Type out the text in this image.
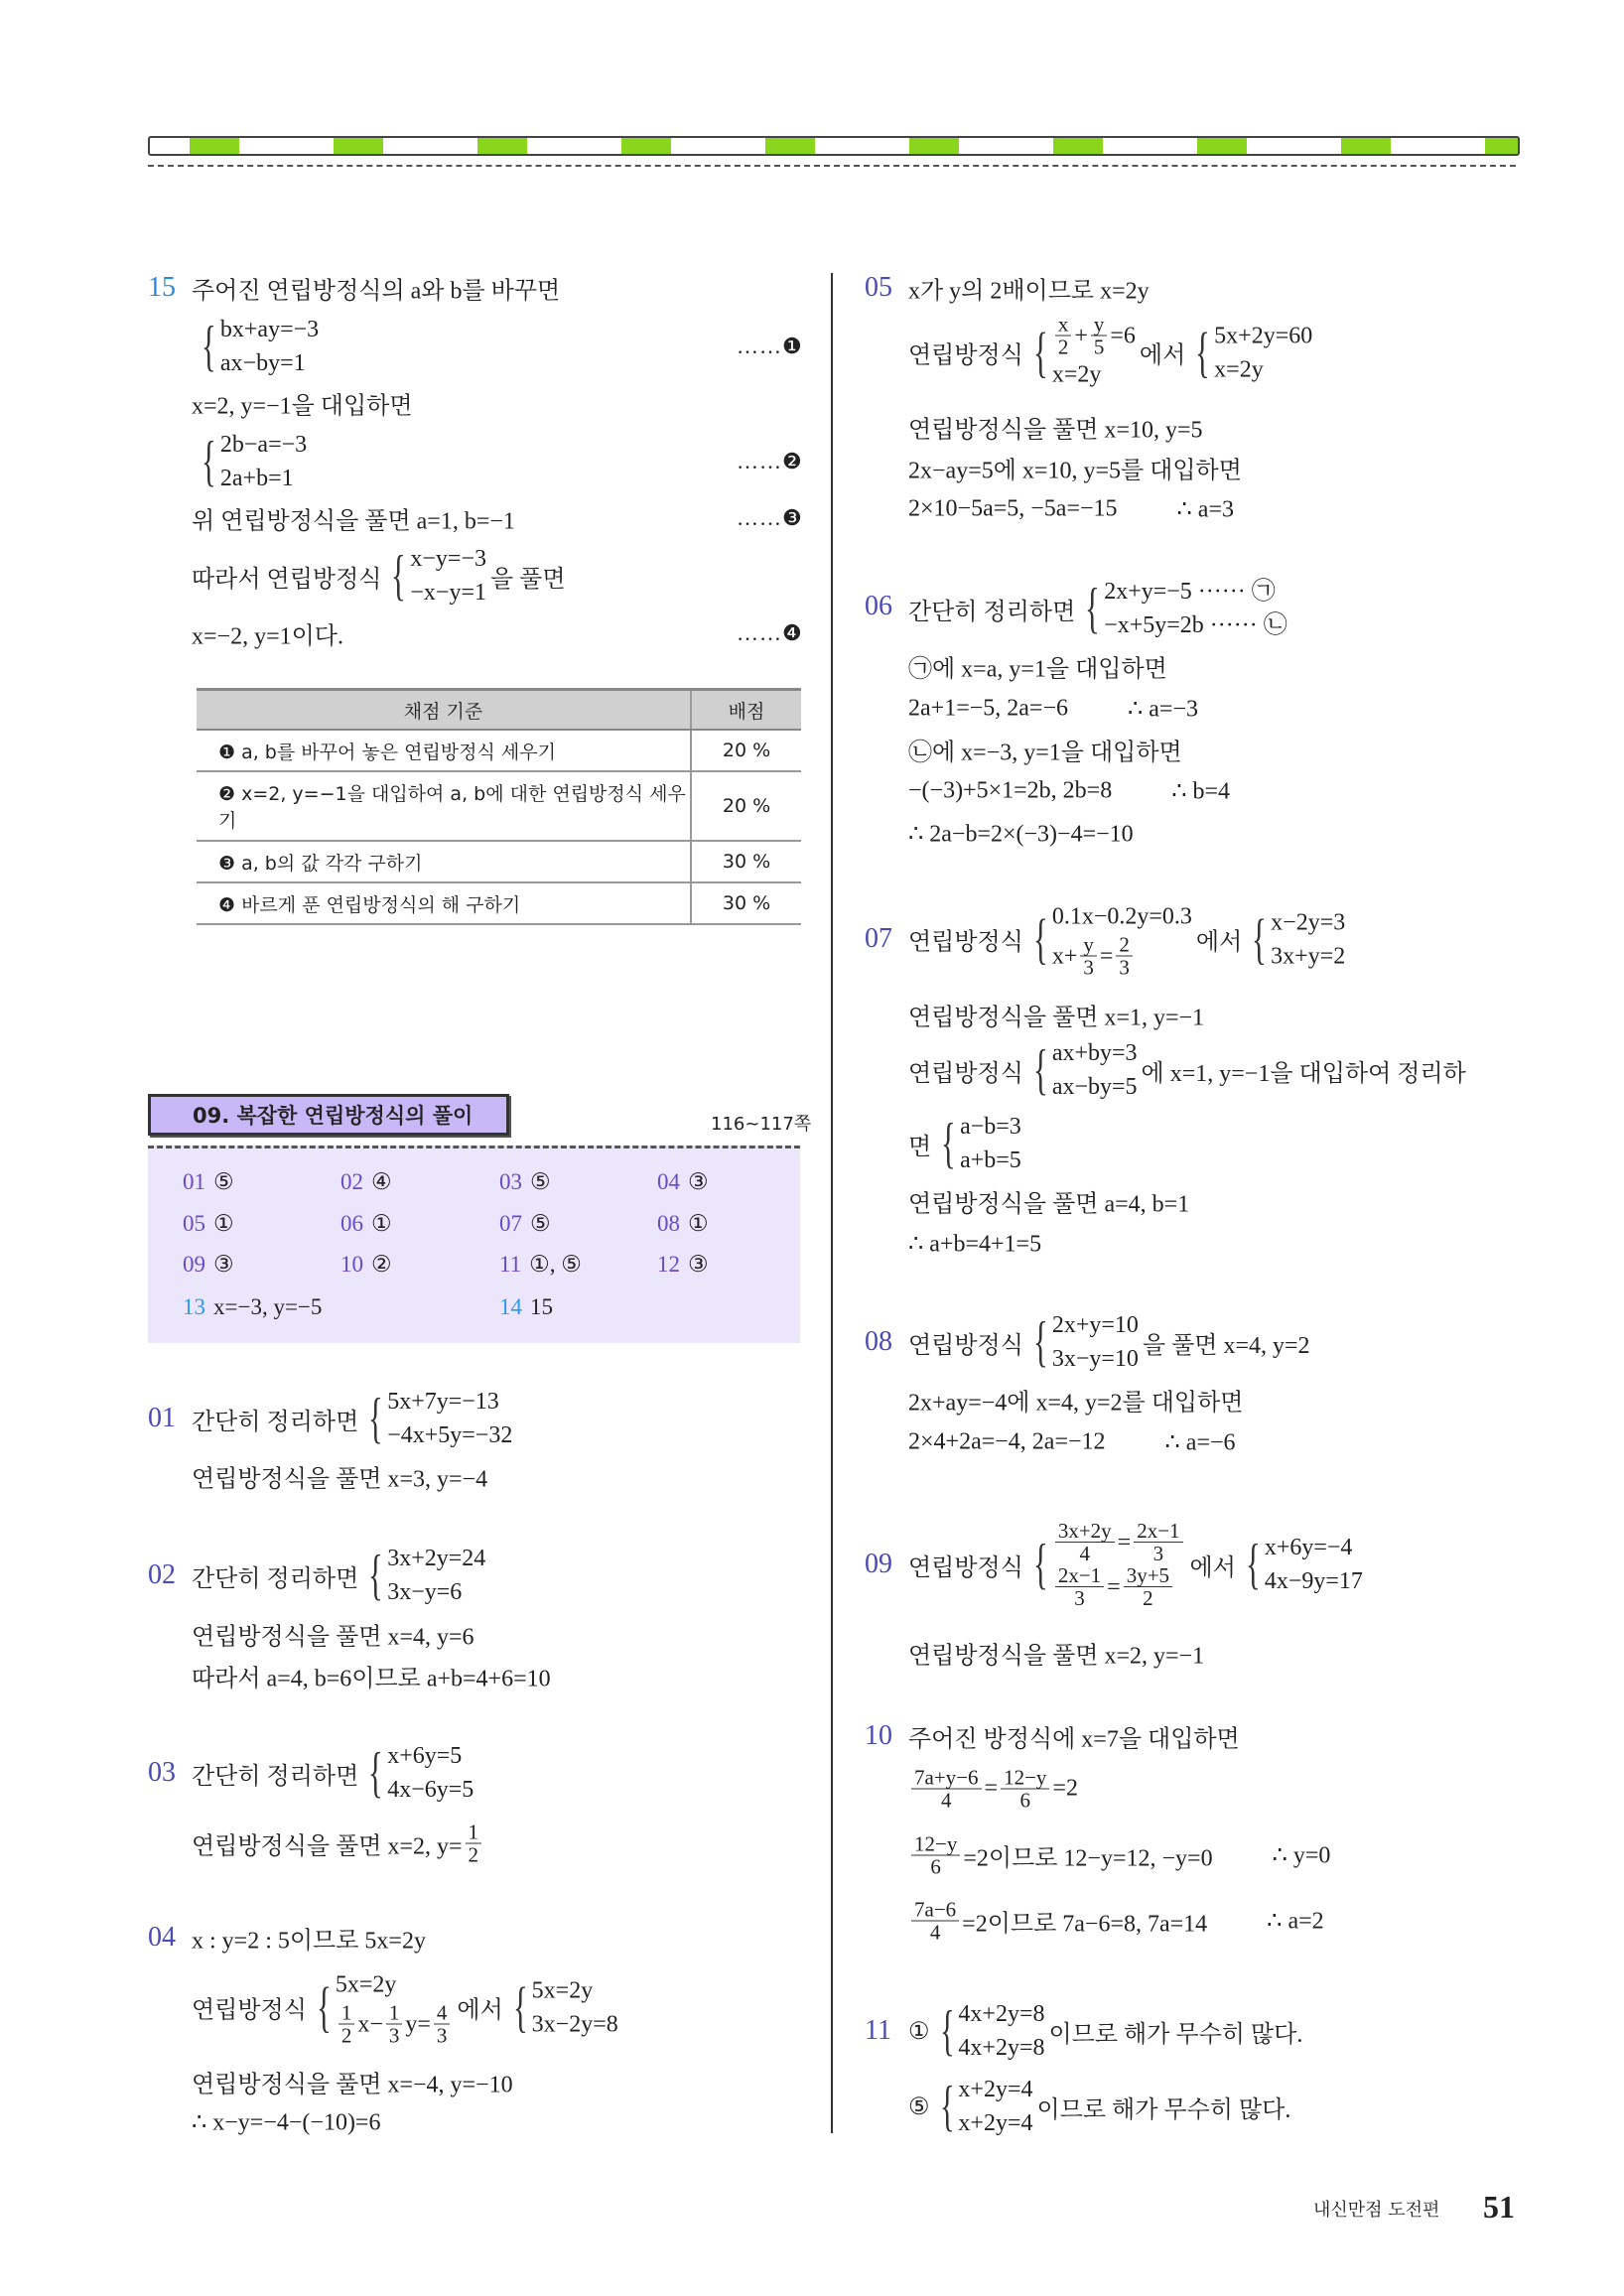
15 주어진 연립방정식의 a와 b를 바꾸면
{ bx+ay=−3
ax−by=1
x=2, y=−1을 대입하면
{ 2b−a=−3
2a+b=1
위 연립방정식을 풀면 a=1, b=−1
따라서 연립방정식 { x−y=−3
−x−y=1
을 풀면
x=−2, y=1이다.
……❶
……❷
……❸
……❹
채점 기준	배점
❶ a, b를 바꾸어 놓은 연립방정식 세우기	20 %
❷ x=2, y=−1을 대입하여 a, b에 대한 연립방정식 세우기	20 %
❸ a, b의 값 각각 구하기	30 %
❹ 바르게 푼 연립방정식의 해 구하기	30 %
09. 복잡한 연립방정식의 풀이	116~117쪽
01 ⑤	02 ④	03 ⑤	04 ③
05 ①	06 ①	07 ⑤	08 ①
09 ③	10 ②	11 ①, ⑤	12 ③
13 x=−3, y=−5	14 15
01 간단히 정리하면 { 5x+7y=−13
−4x+5y=−32
연립방정식을 풀면 x=3, y=−4
02 간단히 정리하면 { 3x+2y=24
3x−y=6
연립방정식을 풀면 x=4, y=6
따라서 a=4, b=6이므로 a+b=4+6=10
03 간단히 정리하면 { x+6y=5
4x−6y=5
연립방정식을 풀면 x=2, $y= \frac{1}{2}$
04 x : y=2 : 5이므로 5x=2y
연립방정식 { 5x=2y
$\frac{1}{2} x- \frac{1}{3} y= \frac{4}{3}$ 에서 { 5x=2y
3x−2y=8
연립방정식을 풀면 x=−4, y=−10
∴ x−y=−4−(−10)=6
05 x가 y의 2배이므로 x=2y
연립방정식 { $\frac{x}{2} + \frac{y}{5} =6$
x=2y
에서 { 5x+2y=60
x=2y
연립방정식을 풀면 x=10, y=5
2x−ay=5에 x=10, y=5를 대입하면
2×10−5a=5, −5a=−15	∴ a=3
06 간단히 정리하면 { 2x+y=−5 ······ ㉠
−x+5y=2b ······ ㉡
㉠에 x=a, y=1을 대입하면
2a+1=−5, 2a=−6	∴ a=−3
㉡에 x=−3, y=1을 대입하면
−(−3)+5×1=2b, 2b=8	∴ b=4
∴ 2a−b=2×(−3)−4=−10
07 연립방정식 { 0.1x−0.2y=0.3
$x+ \frac{y}{3} = \frac{2}{3}$	에서 { x−2y=3
3x+y=2
연립방정식을 풀면 x=1, y=−1
연립방정식 { ax+by=3
ax−by=5
에 x=1, y=−1을 대입하여 정리하
면 { a−b=3
a+b=5
연립방정식을 풀면 a=4, b=1
∴ a+b=4+1=5
08 연립방정식 { 2x+y=10
3x−y=10
을 풀면 x=4, y=2
2x+ay=−4에 x=4, y=2를 대입하면
2×4+2a=−4, 2a=−12	∴ a=−6
09 연립방정식 { $\frac{3x+2y}{4} = \frac{2x-1}{3}$
$\frac{2x-1}{3} = \frac{3y+5}{2}$ 에서 { x+6y=−4
4x−9y=17
연립방정식을 풀면 x=2, y=−1
10 주어진 방정식에 x=7을 대입하면
$\frac{7a+y-6}{4} = \frac{12-y}{6} =2$
$\frac{12-y}{6} =2$이므로 12−y=12, −y=0	∴ y=0
$\frac{7a-6}{4} =2$이므로 7a−6=8, 7a=14	∴ a=2
11 ① { 4x+2y=8
4x+2y=8
이므로 해가 무수히 많다.
⑤ { x+2y=4
x+2y=4
이므로 해가 무수히 많다.
내신만점 도전편 51
